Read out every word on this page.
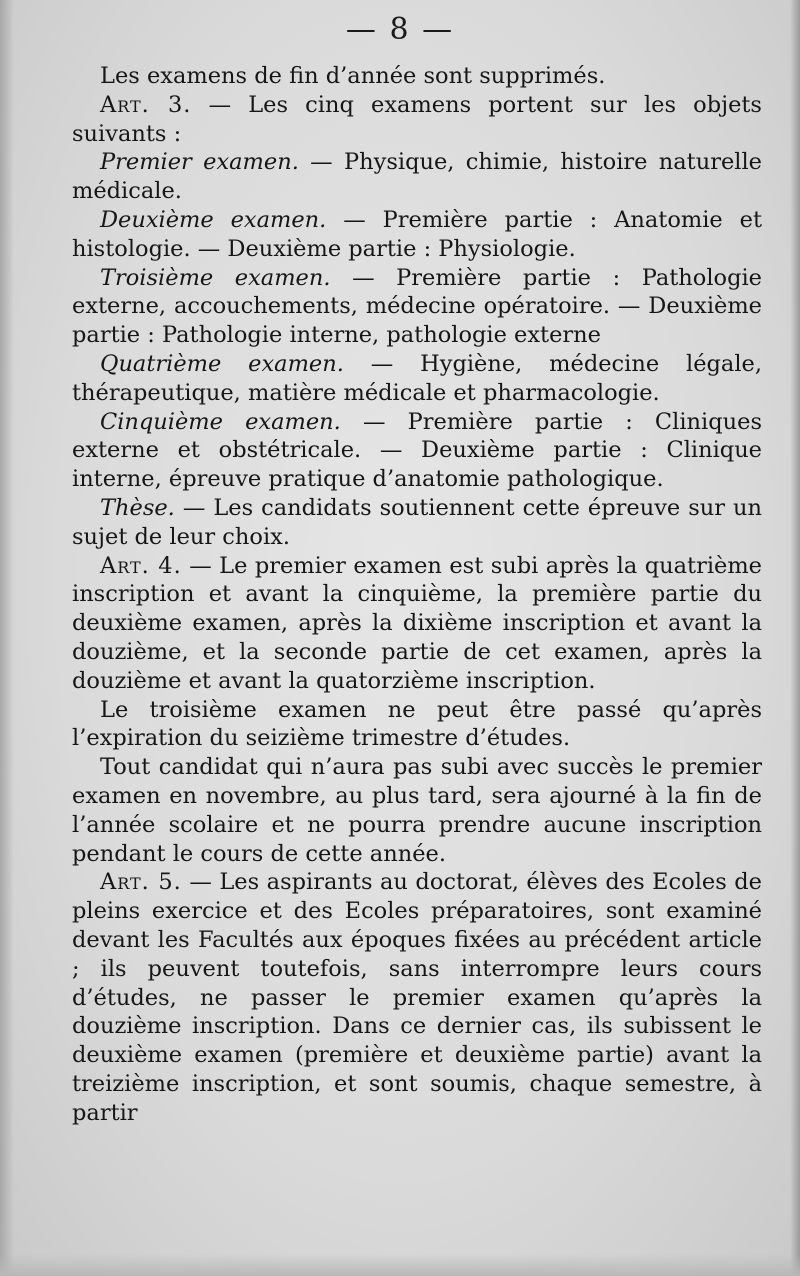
— 8 —

Les examens de fin d’année sont supprimés.

Art. 3. — Les cinq examens portent sur les objets suivants :

Premier examen. — Physique, chimie, histoire naturelle médicale.

Deuxième examen. — Première partie : Anatomie et histologie. — Deuxième partie : Physiologie.

Troisième examen. — Première partie : Pathologie externe, accouchements, médecine opératoire. — Deuxième partie : Pathologie interne, pathologie externe

Quatrième examen. — Hygiène, médecine légale, thérapeutique, matière médicale et pharmacologie.

Cinquième examen. — Première partie : Cliniques externe et obstétricale. — Deuxième partie : Clinique interne, épreuve pratique d’anatomie pathologique.

Thèse. — Les candidats soutiennent cette épreuve sur un sujet de leur choix.

Art. 4. — Le premier examen est subi après la quatrième inscription et avant la cinquième, la première partie du deuxième examen, après la dixième inscription et avant la douzième, et la seconde partie de cet examen, après la douzième et avant la quatorzième inscription.

Le troisième examen ne peut être passé qu’après l’expiration du seizième trimestre d’études.

Tout candidat qui n’aura pas subi avec succès le premier examen en novembre, au plus tard, sera ajourné à la fin de l’année scolaire et ne pourra prendre aucune inscription pendant le cours de cette année.

Art. 5. — Les aspirants au doctorat, élèves des Ecoles de pleins exercice et des Ecoles préparatoires, sont examiné devant les Facultés aux époques fixées au précédent article ; ils peuvent toutefois, sans interrompre leurs cours d’études, ne passer le premier examen qu’après la douzième inscription. Dans ce dernier cas, ils subissent le deuxième examen (première et deuxième partie) avant la treizième inscription, et sont soumis, chaque semestre, à partir
